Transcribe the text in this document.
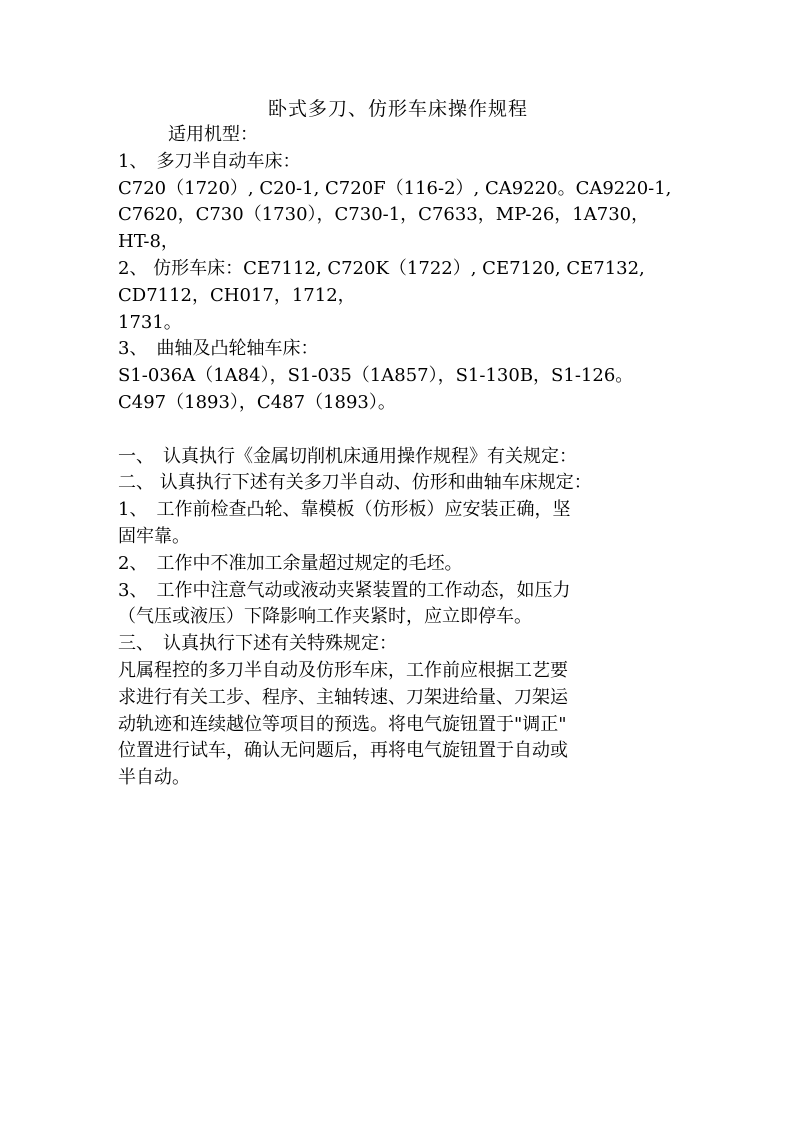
卧式多刀、仿形车床操作规程

适用机型：

1、　多刀半自动车床：

C720（1720）, C20-1, C720F（116-2）, CA9220。CA9220-1,

C7620，C730（1730），C730-1，C7633，MP-26，1A730，

HT-8，

2、 仿形车床：CE7112, C720K（1722）, CE7120, CE7132,

CD7112，CH017，1712，

1731。

3、　曲轴及凸轮轴车床：

S1-036A（1A84），S1-035（1A857），S1-130B，S1-126。

C497（1893），C487（1893）。

一、　认真执行《金属切削机床通用操作规程》有关规定：

二、 认真执行下述有关多刀半自动、仿形和曲轴车床规定：

1、　工作前检查凸轮、靠模板（仿形板）应安装正确，坚

固牢靠。

2、　工作中不准加工余量超过规定的毛坯。

3、　工作中注意气动或液动夹紧装置的工作动态，如压力

（气压或液压）下降影响工作夹紧时，应立即停车。

三、　认真执行下述有关特殊规定：

凡属程控的多刀半自动及仿形车床，工作前应根据工艺要

求进行有关工步、程序、主轴转速、刀架进给量、刀架运

动轨迹和连续越位等项目的预选。将电气旋钮置于"调正"

位置进行试车，确认无问题后，再将电气旋钮置于自动或

半自动。
